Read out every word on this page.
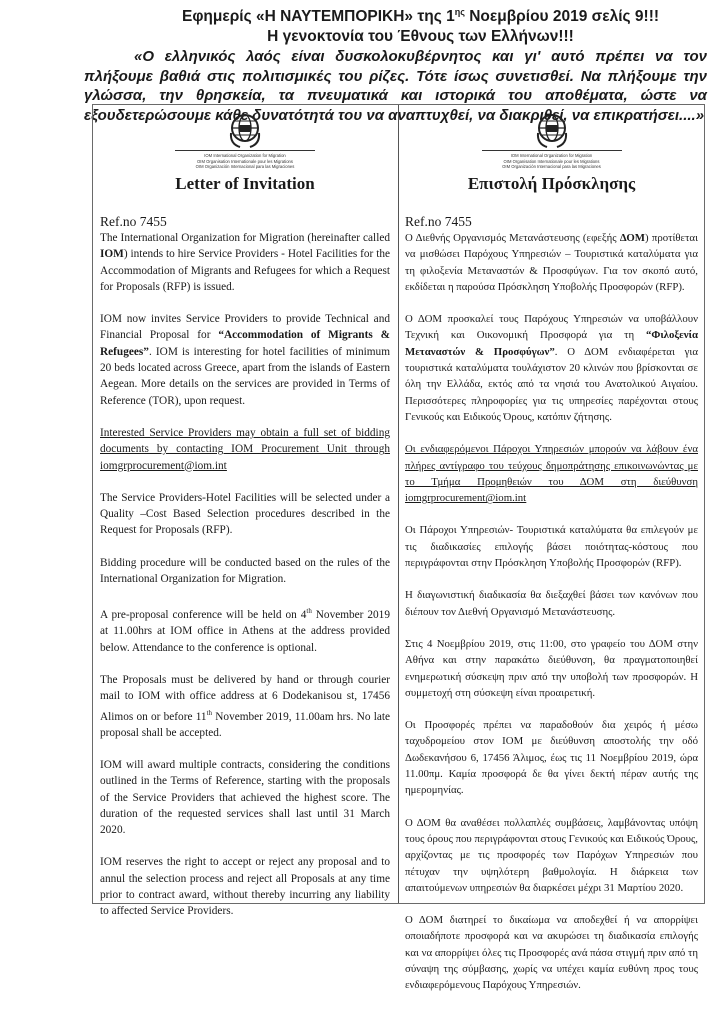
Εφημερίς «Η ΝΑΥΤΕΜΠΟΡΙΚΗ» της $1^{\eta\varsigma}$ Νοεμβρίου 2019 σελίς 9!!!
Η γενοκτονία του Έθνους των Ελλήνων!!!
«Ο ελληνικός λαός είναι δυσκολοκυβέρνητος και γι' αυτό πρέπει να τον πλήξουμε βαθιά στις πολιτισμικές του ρίζες. Τότε ίσως συνετισθεί. Να πλήξουμε την γλώσσα, την θρησκεία, τα πνευματικά και ιστορικά του αποθέματα, ώστε να εξουδετερώσουμε κάθε δυνατότητά του να αναπτυχθεί, να διακριθεί, να επικρατήσει....»
IOM International Organization for Migration
OIM Organisation Internationale pour les Migrations
OIM Organización Internacional para las Migraciones
Letter of Invitation
Ref.no 7455

The International Organization for Migration (hereinafter called IOM) intends to hire Service Providers - Hotel Facilities for the Accommodation of Migrants and Refugees for which a Request for Proposals (RFP) is issued.

IOM now invites Service Providers to provide Technical and Financial Proposal for “Accommodation of Migrants & Refugees”. IOM is interesting for hotel facilities of minimum 20 beds located across Greece, apart from the islands of Eastern Aegean. More details on the services are provided in Terms of Reference (TOR), upon request.

Interested Service Providers may obtain a full set of bidding documents by contacting IOM Procurement Unit through iomgrprocurement@iom.int

The Service Providers-Hotel Facilities will be selected under a Quality –Cost Based Selection procedures described in the Request for Proposals (RFP).

Bidding procedure will be conducted based on the rules of the International Organization for Migration.

A pre-proposal conference will be held on 4th November 2019 at 11.00hrs at IOM office in Athens at the address provided below. Attendance to the conference is optional.

The Proposals must be delivered by hand or through courier mail to IOM with office address at 6 Dodekanisou st, 17456 Alimos on or before 11th November 2019, 11.00am hrs. No late proposal shall be accepted.

IOM will award multiple contracts, considering the conditions outlined in the Terms of Reference, starting with the proposals of the Service Providers that achieved the highest score. The duration of the requested services shall last until 31 March 2020.

IOM reserves the right to accept or reject any proposal and to annul the selection process and reject all Proposals at any time prior to contract award, without thereby incurring any liability to affected Service Providers.

IOM International Organization for Migration
OIM Organisation Internationale pour les Migrations
OIM Organización Internacional para las Migraciones
Επιστολή Πρόσκλησης
Ref.no 7455

Ο Διεθνής Οργανισμός Μετανάστευσης (εφεξής ΔΟΜ) προτίθεται να μισθώσει Παρόχους Υπηρεσιών – Τουριστικά καταλύματα για τη φιλοξενία Μεταναστών & Προσφύγων. Για τον σκοπό αυτό, εκδίδεται η παρούσα Πρόσκληση Υποβολής Προσφορών (RFP).

Ο ΔΟΜ προσκαλεί τους Παρόχους Υπηρεσιών να υποβάλλουν Τεχνική και Οικονομική Προσφορά για τη “Φιλοξενία Μεταναστών & Προσφύγων”. Ο ΔΟΜ ενδιαφέρεται για τουριστικά καταλύματα τουλάχιστον 20 κλινών που βρίσκονται σε όλη την Ελλάδα, εκτός από τα νησιά του Ανατολικού Αιγαίου. Περισσότερες πληροφορίες για τις υπηρεσίες παρέχονται στους Γενικούς και Ειδικούς Όρους, κατόπιν ζήτησης.

Οι ενδιαφερόμενοι Πάροχοι Υπηρεσιών μπορούν να λάβουν ένα πλήρες αντίγραφο του τεύχους δημοπράτησης επικοινωνώντας με το Τμήμα Προμηθειών του ΔΟΜ στη διεύθυνση iomgrprocurement@iom.int

Οι Πάροχοι Υπηρεσιών- Τουριστικά καταλύματα θα επιλεγούν με τις διαδικασίες επιλογής βάσει ποιότητας-κόστους που περιγράφονται στην Πρόσκληση Υποβολής Προσφορών (RFP).

Η διαγωνιστική διαδικασία θα διεξαχθεί βάσει των κανόνων που διέπουν τον Διεθνή Οργανισμό Μετανάστευσης.

Στις 4 Νοεμβρίου 2019, στις 11:00, στο γραφείο του ΔΟΜ στην Αθήνα και στην παρακάτω διεύθυνση, θα πραγματοποιηθεί ενημερωτική σύσκεψη πριν από την υποβολή των προσφορών. Η συμμετοχή στη σύσκεψη είναι προαιρετική.

Οι Προσφορές πρέπει να παραδοθούν δια χειρός ή μέσω ταχυδρομείου στον ΙΟΜ με διεύθυνση αποστολής την οδό Δωδεκανήσου 6, 17456 Άλιμος, έως τις 11 Νοεμβρίου 2019, ώρα 11.00πμ. Καμία προσφορά δε θα γίνει δεκτή πέραν αυτής της ημερομηνίας.

Ο ΔΟΜ θα αναθέσει πολλαπλές συμβάσεις, λαμβάνοντας υπόψη τους όρους που περιγράφονται στους Γενικούς και Ειδικούς Όρους, αρχίζοντας με τις προσφορές των Παρόχων Υπηρεσιών που πέτυχαν την υψηλότερη βαθμολογία. Η διάρκεια των απαιτούμενων υπηρεσιών θα διαρκέσει μέχρι 31 Μαρτίου 2020.

Ο ΔΟΜ διατηρεί το δικαίωμα να αποδεχθεί ή να απορρίψει οποιαδήποτε προσφορά και να ακυρώσει τη διαδικασία επιλογής και να απορρίψει όλες τις Προσφορές ανά πάσα στιγμή πριν από τη σύναψη της σύμβασης, χωρίς να υπέχει καμία ευθύνη προς τους ενδιαφερόμενους Παρόχους Υπηρεσιών.
